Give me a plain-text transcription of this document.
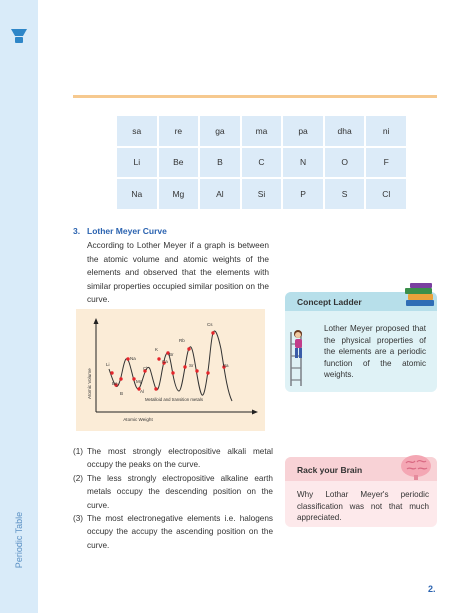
Periodic Table
sa	re	ga	ma	pa	dha	ni
Li	Be	B	C	N	O	F
Na	Mg	Al	Si	P	S	Cl
3. Lother Meyer Curve
According to Lother Meyer if a graph is between the atomic volume and atomic weights of the elements and observed that the elements with similar properties occupied similar position on the curve.
Li
Be
B
Na
Mg
Al
Cl
K
Ca
Br
Rb
Sr
Cs
Ba
Metalloid and transition metals
Atomic Weight
Atomic Volume
(1) The most strongly electropositive alkali metal occupy the peaks on the curve.
(2) The less strongly electropositive alkaline earth metals occupy the descending position on the curve.
(3) The most electronegative elements i.e. halogens occupy the accupy the ascending position on the curve.
Concept Ladder
Lother Meyer proposed that the physical properties of the elements are a periodic function of the atomic weights.
Rack your Brain
Why Lothar Meyer's periodic classification was not that much appreciated.
2.
